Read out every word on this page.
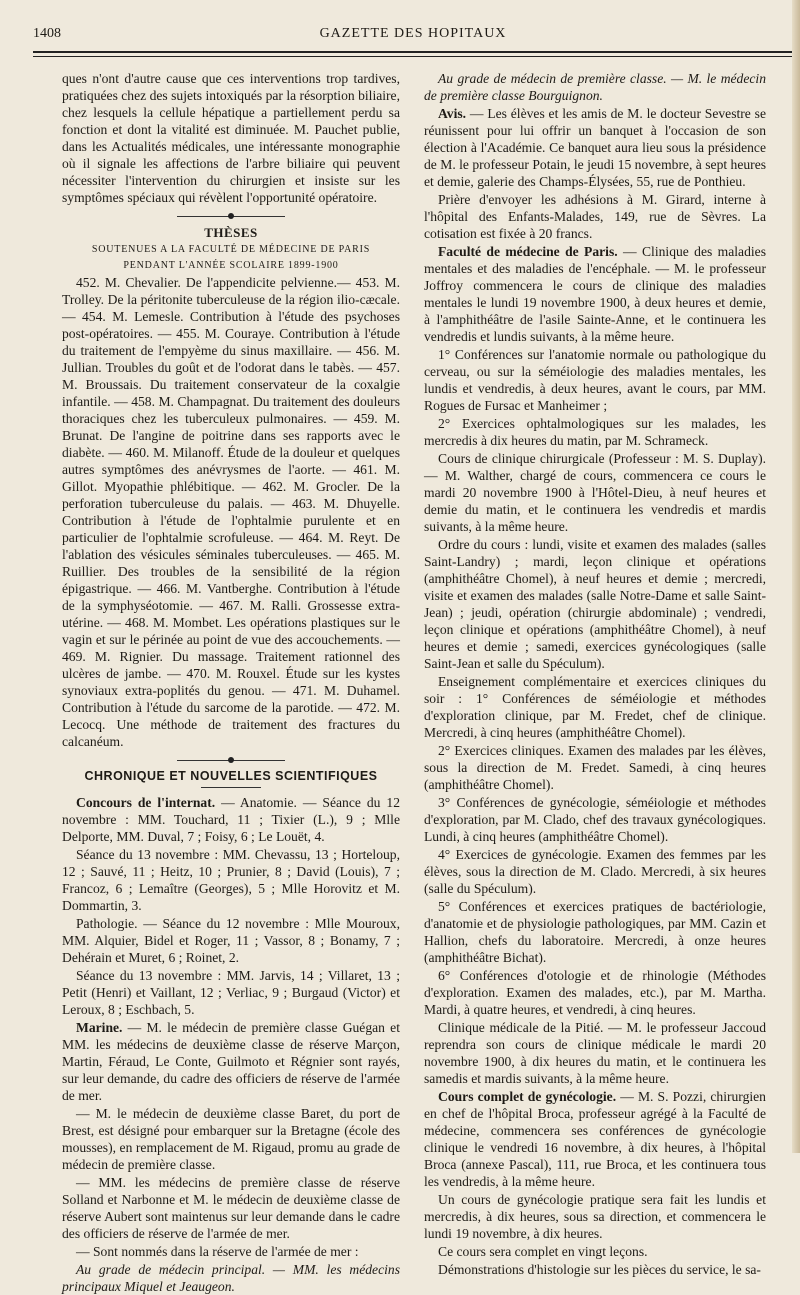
1408	GAZETTE DES HOPITAUX

ques n'ont d'autre cause que ces interventions trop tardives, pratiquées chez des sujets intoxiqués par la résorption biliaire, chez lesquels la cellule hépatique a partiellement perdu sa fonction et dont la vitalité est diminuée. M. Pauchet publie, dans les Actualités médicales, une intéressante monographie où il signale les affections de l'arbre biliaire qui peuvent nécessiter l'intervention du chirurgien et insiste sur les symptômes spéciaux qui révèlent l'opportunité opératoire.

THÈSES

SOUTENUES A LA FACULTÉ DE MÉDECINE DE PARIS

PENDANT L'ANNÉE SCOLAIRE 1899-1900

452. M. Chevalier. De l'appendicite pelvienne.— 453. M. Trolley. De la péritonite tuberculeuse de la région ilio-cæcale. — 454. M. Lemesle. Contribution à l'étude des psychoses post-opératoires. — 455. M. Couraye. Contribution à l'étude du traitement de l'empyème du sinus maxillaire. — 456. M. Jullian. Troubles du goût et de l'odorat dans le tabès. — 457. M. Broussais. Du traitement conservateur de la coxalgie infantile. — 458. M. Champagnat. Du traitement des douleurs thoraciques chez les tuberculeux pulmonaires. — 459. M. Brunat. De l'angine de poitrine dans ses rapports avec le diabète. — 460. M. Milanoff. Étude de la douleur et quelques autres symptômes des anévrysmes de l'aorte. — 461. M. Gillot. Myopathie phlébitique. — 462. M. Grocler. De la perforation tuberculeuse du palais. — 463. M. Dhuyelle. Contribution à l'étude de l'ophtalmie purulente et en particulier de l'ophtalmie scrofuleuse. — 464. M. Reyt. De l'ablation des vésicules séminales tuberculeuses. — 465. M. Ruillier. Des troubles de la sensibilité de la région épigastrique. — 466. M. Vantberghe. Contribution à l'étude de la symphyséotomie. — 467. M. Ralli. Grossesse extra-utérine. — 468. M. Mombet. Les opérations plastiques sur le vagin et sur le périnée au point de vue des accouchements. — 469. M. Rignier. Du massage. Traitement rationnel des ulcères de jambe. — 470. M. Rouxel. Étude sur les kystes synoviaux extra-poplités du genou. — 471. M. Duhamel. Contribution à l'étude du sarcome de la parotide. — 472. M. Lecocq. Une méthode de traitement des fractures du calcanéum.

CHRONIQUE ET NOUVELLES SCIENTIFIQUES

Concours de l'internat. — Anatomie. — Séance du 12 novembre : MM. Touchard, 11 ; Tixier (L.), 9 ; Mlle Delporte, MM. Duval, 7 ; Foisy, 6 ; Le Louët, 4.

Séance du 13 novembre : MM. Chevassu, 13 ; Horteloup, 12 ; Sauvé, 11 ; Heitz, 10 ; Prunier, 8 ; David (Louis), 7 ; Francoz, 6 ; Lemaître (Georges), 5 ; Mlle Horovitz et M. Dommartin, 3.

Pathologie. — Séance du 12 novembre : Mlle Mouroux, MM. Alquier, Bidel et Roger, 11 ; Vassor, 8 ; Bonamy, 7 ; Dehérain et Muret, 6 ; Roinet, 2.

Séance du 13 novembre : MM. Jarvis, 14 ; Villaret, 13 ; Petit (Henri) et Vaillant, 12 ; Verliac, 9 ; Burgaud (Victor) et Leroux, 8 ; Eschbach, 5.

Marine. — M. le médecin de première classe Guégan et MM. les médecins de deuxième classe de réserve Marçon, Martin, Féraud, Le Conte, Guilmoto et Régnier sont rayés, sur leur demande, du cadre des officiers de réserve de l'armée de mer.

— M. le médecin de deuxième classe Baret, du port de Brest, est désigné pour embarquer sur la Bretagne (école des mousses), en remplacement de M. Rigaud, promu au grade de médecin de première classe.

— MM. les médecins de première classe de réserve Solland et Narbonne et M. le médecin de deuxième classe de réserve Aubert sont maintenus sur leur demande dans le cadre des officiers de réserve de l'armée de mer.

— Sont nommés dans la réserve de l'armée de mer :

Au grade de médecin principal. — MM. les médecins principaux Miquel et Jeaugeon.

Au grade de médecin de première classe. — M. le médecin de première classe Bourguignon.

Avis. — Les élèves et les amis de M. le docteur Sevestre se réunissent pour lui offrir un banquet à l'occasion de son élection à l'Académie. Ce banquet aura lieu sous la présidence de M. le professeur Potain, le jeudi 15 novembre, à sept heures et demie, galerie des Champs-Élysées, 55, rue de Ponthieu.

Prière d'envoyer les adhésions à M. Girard, interne à l'hôpital des Enfants-Malades, 149, rue de Sèvres. La cotisation est fixée à 20 francs.

Faculté de médecine de Paris. — Clinique des maladies mentales et des maladies de l'encéphale. — M. le professeur Joffroy commencera le cours de clinique des maladies mentales le lundi 19 novembre 1900, à deux heures et demie, à l'amphithéâtre de l'asile Sainte-Anne, et le continuera les vendredis et lundis suivants, à la même heure.

1° Conférences sur l'anatomie normale ou pathologique du cerveau, ou sur la séméiologie des maladies mentales, les lundis et vendredis, à deux heures, avant le cours, par MM. Rogues de Fursac et Manheimer ;

2° Exercices ophtalmologiques sur les malades, les mercredis à dix heures du matin, par M. Schrameck.

Cours de clinique chirurgicale (Professeur : M. S. Duplay). — M. Walther, chargé de cours, commencera ce cours le mardi 20 novembre 1900 à l'Hôtel-Dieu, à neuf heures et demie du matin, et le continuera les vendredis et mardis suivants, à la même heure.

Ordre du cours : lundi, visite et examen des malades (salles Saint-Landry) ; mardi, leçon clinique et opérations (amphithéâtre Chomel), à neuf heures et demie ; mercredi, visite et examen des malades (salle Notre-Dame et salle Saint-Jean) ; jeudi, opération (chirurgie abdominale) ; vendredi, leçon clinique et opérations (amphithéâtre Chomel), à neuf heures et demie ; samedi, exercices gynécologiques (salle Saint-Jean et salle du Spéculum).

Enseignement complémentaire et exercices cliniques du soir : 1° Conférences de séméiologie et méthodes d'exploration clinique, par M. Fredet, chef de clinique. Mercredi, à cinq heures (amphithéâtre Chomel).

2° Exercices cliniques. Examen des malades par les élèves, sous la direction de M. Fredet. Samedi, à cinq heures (amphithéâtre Chomel).

3° Conférences de gynécologie, séméiologie et méthodes d'exploration, par M. Clado, chef des travaux gynécologiques. Lundi, à cinq heures (amphithéâtre Chomel).

4° Exercices de gynécologie. Examen des femmes par les élèves, sous la direction de M. Clado. Mercredi, à six heures (salle du Spéculum).

5° Conférences et exercices pratiques de bactériologie, d'anatomie et de physiologie pathologiques, par MM. Cazin et Hallion, chefs du laboratoire. Mercredi, à onze heures (amphithéâtre Bichat).

6° Conférences d'otologie et de rhinologie (Méthodes d'exploration. Examen des malades, etc.), par M. Martha. Mardi, à quatre heures, et vendredi, à cinq heures.

Clinique médicale de la Pitié. — M. le professeur Jaccoud reprendra son cours de clinique médicale le mardi 20 novembre 1900, à dix heures du matin, et le continuera les samedis et mardis suivants, à la même heure.

Cours complet de gynécologie. — M. S. Pozzi, chirurgien en chef de l'hôpital Broca, professeur agrégé à la Faculté de médecine, commencera ses conférences de gynécologie clinique le vendredi 16 novembre, à dix heures, à l'hôpital Broca (annexe Pascal), 111, rue Broca, et les continuera tous les vendredis, à la même heure.

Un cours de gynécologie pratique sera fait les lundis et mercredis, à dix heures, sous sa direction, et commencera le lundi 19 novembre, à dix heures.

Ce cours sera complet en vingt leçons.

Démonstrations d'histologie sur les pièces du service, le sa-
